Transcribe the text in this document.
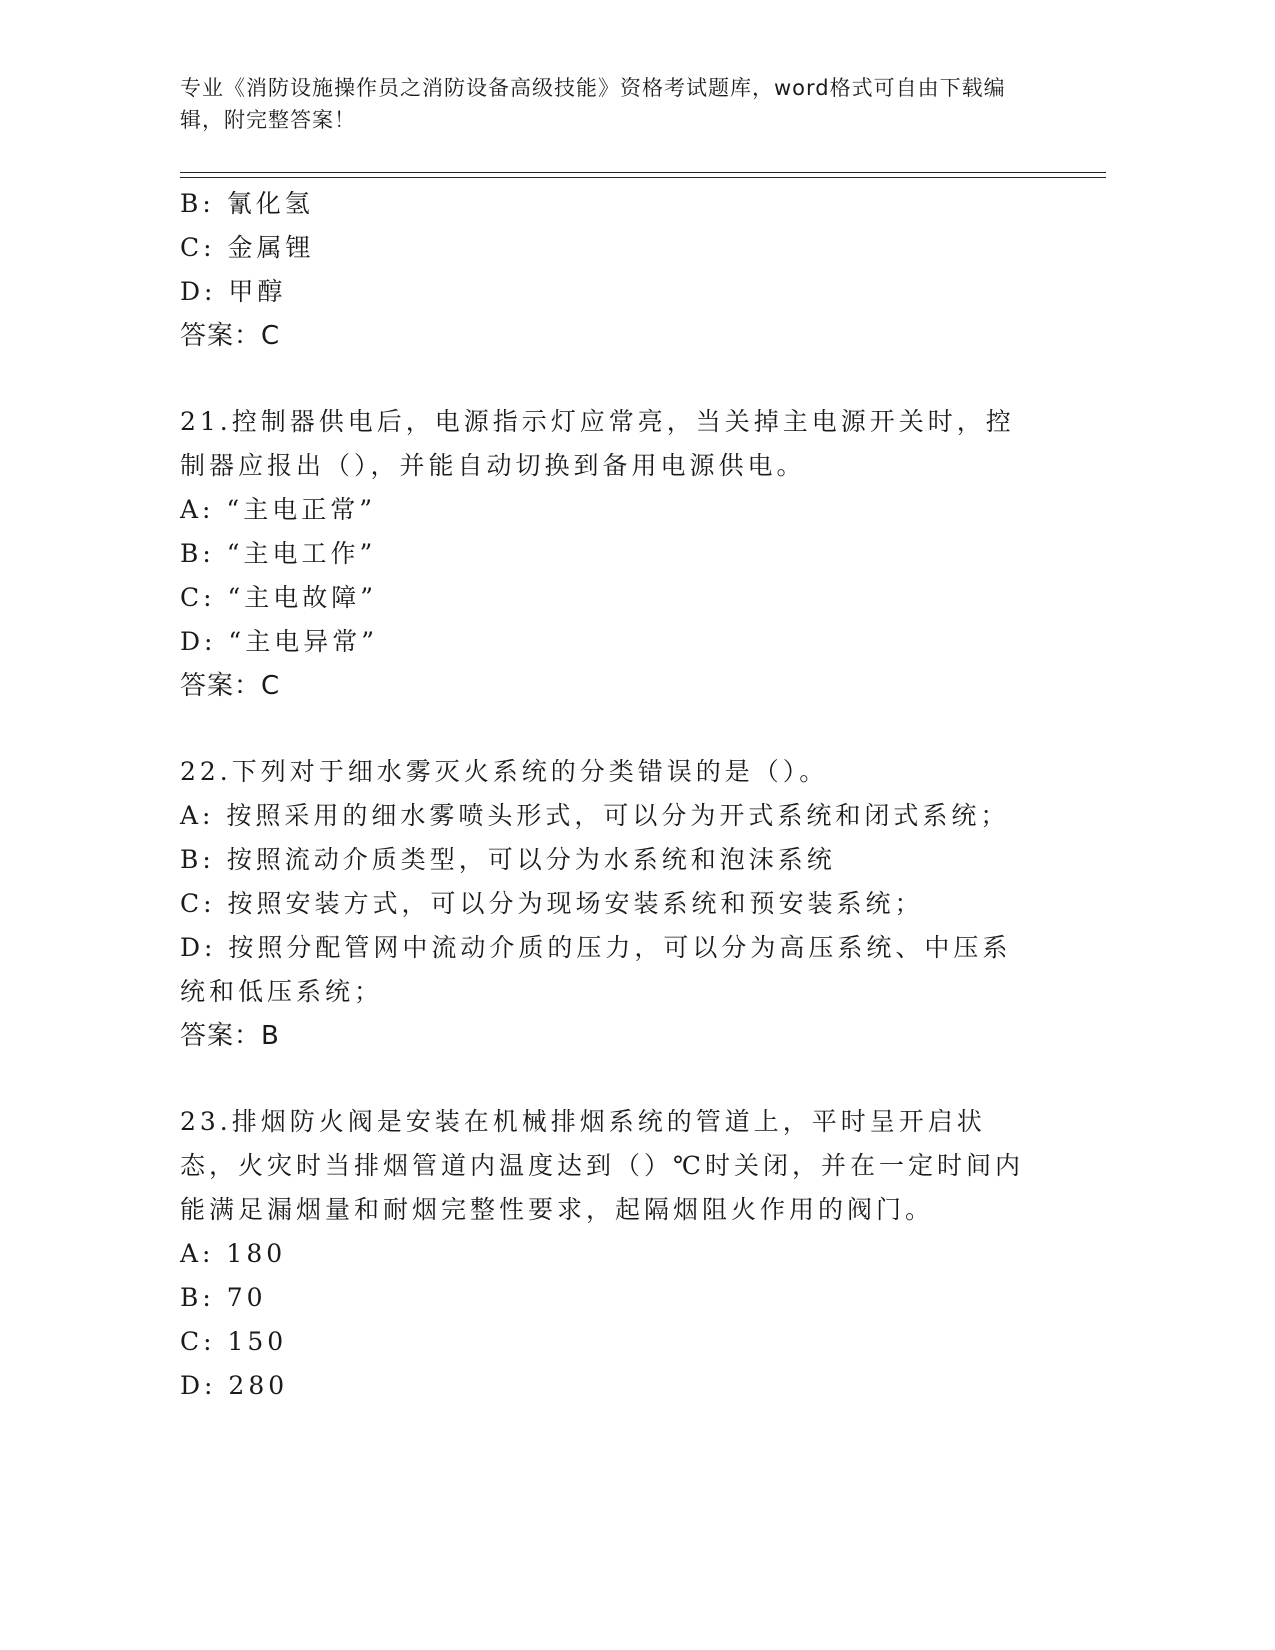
专业《消防设施操作员之消防设备高级技能》资格考试题库，word格式可自由下载编辑，附完整答案！
B: 氰化氢
C: 金属锂
D: 甲醇
答案：C
21.控制器供电后，电源指示灯应常亮，当关掉主电源开关时，控制器应报出（），并能自动切换到备用电源供电。
A: “主电正常”
B: “主电工作”
C: “主电故障”
D: “主电异常”
答案：C
22.下列对于细水雾灭火系统的分类错误的是（）。
A: 按照采用的细水雾喷头形式，可以分为开式系统和闭式系统；
B: 按照流动介质类型，可以分为水系统和泡沫系统
C: 按照安装方式，可以分为现场安装系统和预安装系统；
D: 按照分配管网中流动介质的压力，可以分为高压系统、中压系统和低压系统；
答案：B
23.排烟防火阀是安装在机械排烟系统的管道上，平时呈开启状态，火灾时当排烟管道内温度达到（）℃时关闭，并在一定时间内能满足漏烟量和耐烟完整性要求，起隔烟阻火作用的阀门。
A: 180
B: 70
C: 150
D: 280
